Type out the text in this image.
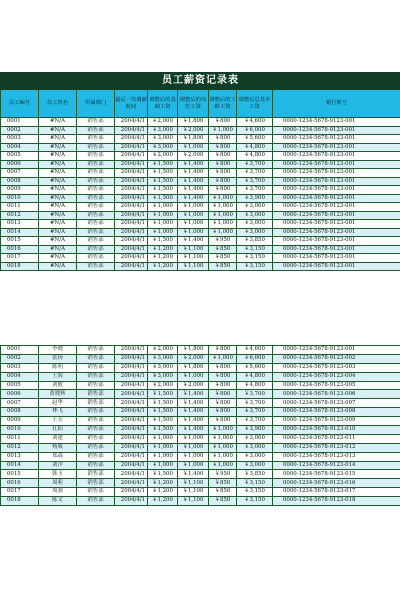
员工薪资记录表								
员工编号	员工姓名	所属部门	最后一次调薪时间	调整后的基础工资	调整后的岗位工资	调整后的工龄工资	调整后总基本工资	银行账号
0001	#N/A	销售部	2004/4/1	￥2,000	￥1,800	￥800	￥4,600	0000-1234-5678-9123-001
0002	#N/A	销售部	2004/4/1	￥3,000	￥2,000	￥1,000	￥6,000	0000-1234-5678-9123-001
0003	#N/A	销售部	2004/4/1	￥3,000	￥1,800	￥800	￥5,600	0000-1234-5678-9123-001
0004	#N/A	销售部	2004/4/1	￥3,000	￥1,000	￥800	￥4,800	0000-1234-5678-9123-001
0005	#N/A	销售部	2004/4/1	￥2,000	￥2,000	￥800	￥4,800	0000-1234-5678-9123-001
0006	#N/A	销售部	2004/4/1	￥1,500	￥1,400	￥800	￥3,700	0000-1234-5678-9123-001
0007	#N/A	销售部	2004/4/1	￥1,500	￥1,400	￥800	￥3,700	0000-1234-5678-9123-001
0008	#N/A	销售部	2004/4/1	￥1,500	￥1,400	￥800	￥3,700	0000-1234-5678-9123-001
0009	#N/A	销售部	2004/4/1	￥1,500	￥1,400	￥800	￥3,700	0000-1234-5678-9123-001
0010	#N/A	销售部	2004/4/1	￥1,500	￥1,400	￥1,000	￥3,900	0000-1234-5678-9123-001
0011	#N/A	销售部	2004/4/1	￥1,000	￥1,000	￥1,000	￥3,000	0000-1234-5678-9123-001
0012	#N/A	销售部	2004/4/1	￥1,000	￥1,000	￥1,000	￥3,000	0000-1234-5678-9123-001
0013	#N/A	销售部	2004/4/1	￥1,000	￥1,000	￥1,000	￥3,000	0000-1234-5678-9123-001
0014	#N/A	销售部	2004/4/1	￥1,000	￥1,000	￥1,000	￥3,000	0000-1234-5678-9123-001
0015	#N/A	销售部	2004/4/1	￥1,500	￥1,400	￥950	￥3,850	0000-1234-5678-9123-001
0016	#N/A	销售部	2004/4/1	￥1,200	￥1,100	￥850	￥3,150	0000-1234-5678-9123-001
0017	#N/A	销售部	2004/4/1	￥1,200	￥1,100	￥850	￥3,150	0000-1234-5678-9123-001
0018	#N/A	销售部	2004/4/1	￥1,200	￥1,100	￥850	￥3,150	0000-1234-5678-9123-001
0001	李晓	销售部	2004/4/1	￥2,000	￥1,800	￥800	￥4,600	0000-1234-5678-9123-001
0002	张扬	销售部	2004/4/1	￥3,000	￥2,000	￥1,000	￥6,000	0000-1234-5678-9123-002
0003	陈明	销售部	2004/4/1	￥3,000	￥1,800	￥800	￥5,600	0000-1234-5678-9123-003
0004	王海	销售部	2004/4/1	￥3,000	￥1,000	￥800	￥4,800	0000-1234-5678-9123-004
0005	刘敏	销售部	2004/4/1	￥2,000	￥2,000	￥800	￥4,800	0000-1234-5678-9123-005
0006	黄晓辉	销售部	2004/4/1	￥1,500	￥1,400	￥800	￥3,700	0000-1234-5678-9123-006
0007	赵华	销售部	2004/4/1	￥1,500	￥1,400	￥800	￥3,700	0000-1234-5678-9123-007
0008	林飞	销售部	2004/4/1	￥1,500	￥1,400	￥800	￥3,700	0000-1234-5678-9123-008
0009	王芳	销售部	2004/4/1	￥1,500	￥1,400	￥800	￥3,700	0000-1234-5678-9123-009
0010	孔阳	销售部	2004/4/1	￥1,500	￥1,400	￥1,000	￥3,900	0000-1234-5678-9123-010
0011	刘建	销售部	2004/4/1	￥1,000	￥1,000	￥1,000	￥3,000	0000-1234-5678-9123-011
0012	杨威	销售部	2004/4/1	￥1,000	￥1,000	￥1,000	￥3,000	0000-1234-5678-9123-012
0013	郑森	销售部	2004/4/1	￥1,000	￥1,000	￥1,000	￥3,000	0000-1234-5678-9123-013
0014	刘洋	销售部	2004/4/1	￥1,000	￥1,000	￥1,000	￥3,000	0000-1234-5678-9123-014
0015	韩玉	销售部	2004/4/1	￥1,500	￥1,400	￥950	￥3,850	0000-1234-5678-9123-015
0016	周莉	销售部	2004/4/1	￥1,200	￥1,100	￥850	￥3,150	0000-1234-5678-9123-016
0017	周强	销售部	2004/4/1	￥1,200	￥1,100	￥850	￥3,150	0000-1234-5678-9123-017
0018	陈文	销售部	2004/4/1	￥1,200	￥1,100	￥850	￥3,150	0000-1234-5678-9123-018
